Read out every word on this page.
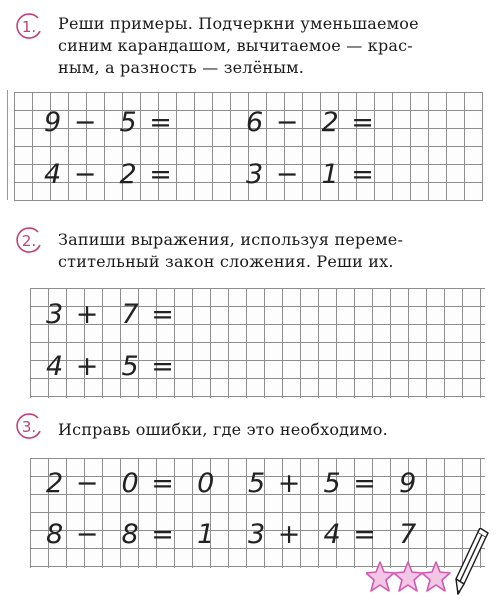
1. Реши примеры. Подчеркни уменьшаемое
синим карандашом, вычитаемое — крас-
ным, а разность — зелёным.
9 −  5 =	6 −  2 =
4 −  2 =	3 −  1 =
2. Запиши выражения, используя переме-
стительный закон сложения. Реши их.
3 +  7 =
4 +  5 =
3. Исправь ошибки, где это необходимо.
2 −  0 =  0 5 +  5 =  9
8 −  8 =  1 3 +  4 =  7
